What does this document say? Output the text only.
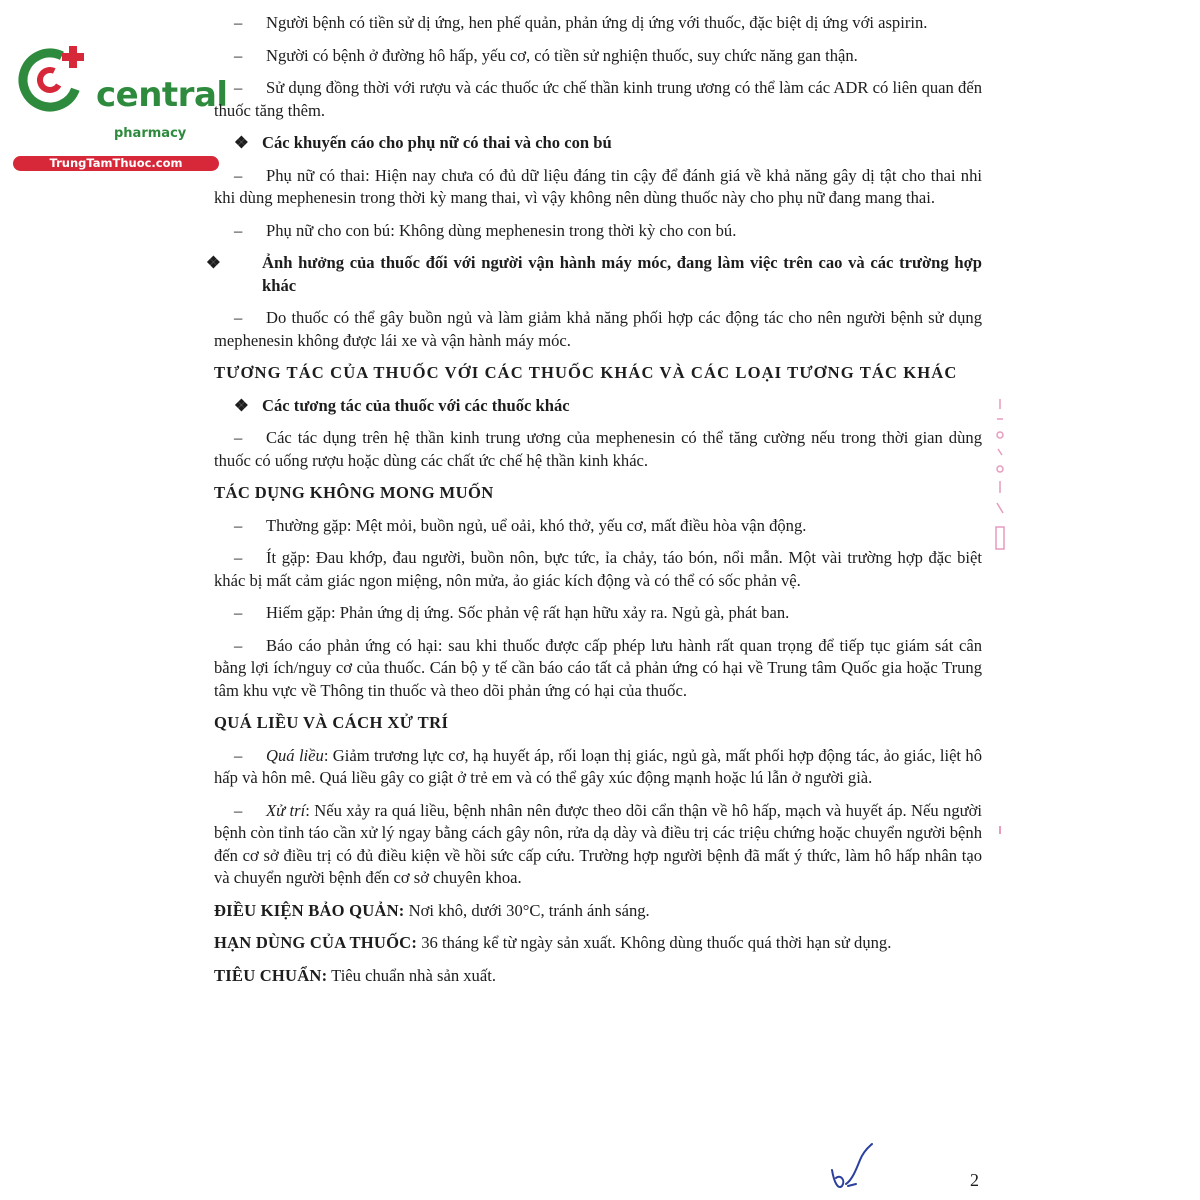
central
pharmacy
TrungTamThuoc.com

– Người bệnh có tiền sử dị ứng, hen phế quản, phản ứng dị ứng với thuốc, đặc biệt dị ứng với aspirin.

– Người có bệnh ở đường hô hấp, yếu cơ, có tiền sử nghiện thuốc, suy chức năng gan thận.

– Sử dụng đồng thời với rượu và các thuốc ức chế thần kinh trung ương có thể làm các ADR có liên quan đến thuốc tăng thêm.

❖ Các khuyến cáo cho phụ nữ có thai và cho con bú

– Phụ nữ có thai: Hiện nay chưa có đủ dữ liệu đáng tin cậy để đánh giá về khả năng gây dị tật cho thai nhi khi dùng mephenesin trong thời kỳ mang thai, vì vậy không nên dùng thuốc này cho phụ nữ đang mang thai.

– Phụ nữ cho con bú: Không dùng mephenesin trong thời kỳ cho con bú.

❖ Ảnh hưởng của thuốc đối với người vận hành máy móc, đang làm việc trên cao và các trường hợp khác

– Do thuốc có thể gây buồn ngủ và làm giảm khả năng phối hợp các động tác cho nên người bệnh sử dụng mephenesin không được lái xe và vận hành máy móc.

TƯƠNG TÁC CỦA THUỐC VỚI CÁC THUỐC KHÁC VÀ CÁC LOẠI TƯƠNG TÁC KHÁC

❖ Các tương tác của thuốc với các thuốc khác

– Các tác dụng trên hệ thần kinh trung ương của mephenesin có thể tăng cường nếu trong thời gian dùng thuốc có uống rượu hoặc dùng các chất ức chế hệ thần kinh khác.

TÁC DỤNG KHÔNG MONG MUỐN

– Thường gặp: Mệt mỏi, buồn ngủ, uể oải, khó thở, yếu cơ, mất điều hòa vận động.

– Ít gặp: Đau khớp, đau người, buồn nôn, bực tức, ỉa chảy, táo bón, nổi mẫn. Một vài trường hợp đặc biệt khác bị mất cảm giác ngon miệng, nôn mửa, ảo giác kích động và có thể có sốc phản vệ.

– Hiếm gặp: Phản ứng dị ứng. Sốc phản vệ rất hạn hữu xảy ra. Ngủ gà, phát ban.

– Báo cáo phản ứng có hại: sau khi thuốc được cấp phép lưu hành rất quan trọng để tiếp tục giám sát cân bằng lợi ích/nguy cơ của thuốc. Cán bộ y tế cần báo cáo tất cả phản ứng có hại về Trung tâm Quốc gia hoặc Trung tâm khu vực về Thông tin thuốc và theo dõi phản ứng có hại của thuốc.

QUÁ LIỀU VÀ CÁCH XỬ TRÍ

– Quá liều: Giảm trương lực cơ, hạ huyết áp, rối loạn thị giác, ngủ gà, mất phối hợp động tác, ảo giác, liệt hô hấp và hôn mê. Quá liều gây co giật ở trẻ em và có thể gây xúc động mạnh hoặc lú lẫn ở người già.

– Xử trí: Nếu xảy ra quá liều, bệnh nhân nên được theo dõi cẩn thận về hô hấp, mạch và huyết áp. Nếu người bệnh còn tỉnh táo cần xử lý ngay bằng cách gây nôn, rửa dạ dày và điều trị các triệu chứng hoặc chuyển người bệnh đến cơ sở điều trị có đủ điều kiện về hồi sức cấp cứu. Trường hợp người bệnh đã mất ý thức, làm hô hấp nhân tạo và chuyển người bệnh đến cơ sở chuyên khoa.

ĐIỀU KIỆN BẢO QUẢN: Nơi khô, dưới 30°C, tránh ánh sáng.

HẠN DÙNG CỦA THUỐC: 36 tháng kể từ ngày sản xuất. Không dùng thuốc quá thời hạn sử dụng.

TIÊU CHUẨN: Tiêu chuẩn nhà sản xuất.

2
